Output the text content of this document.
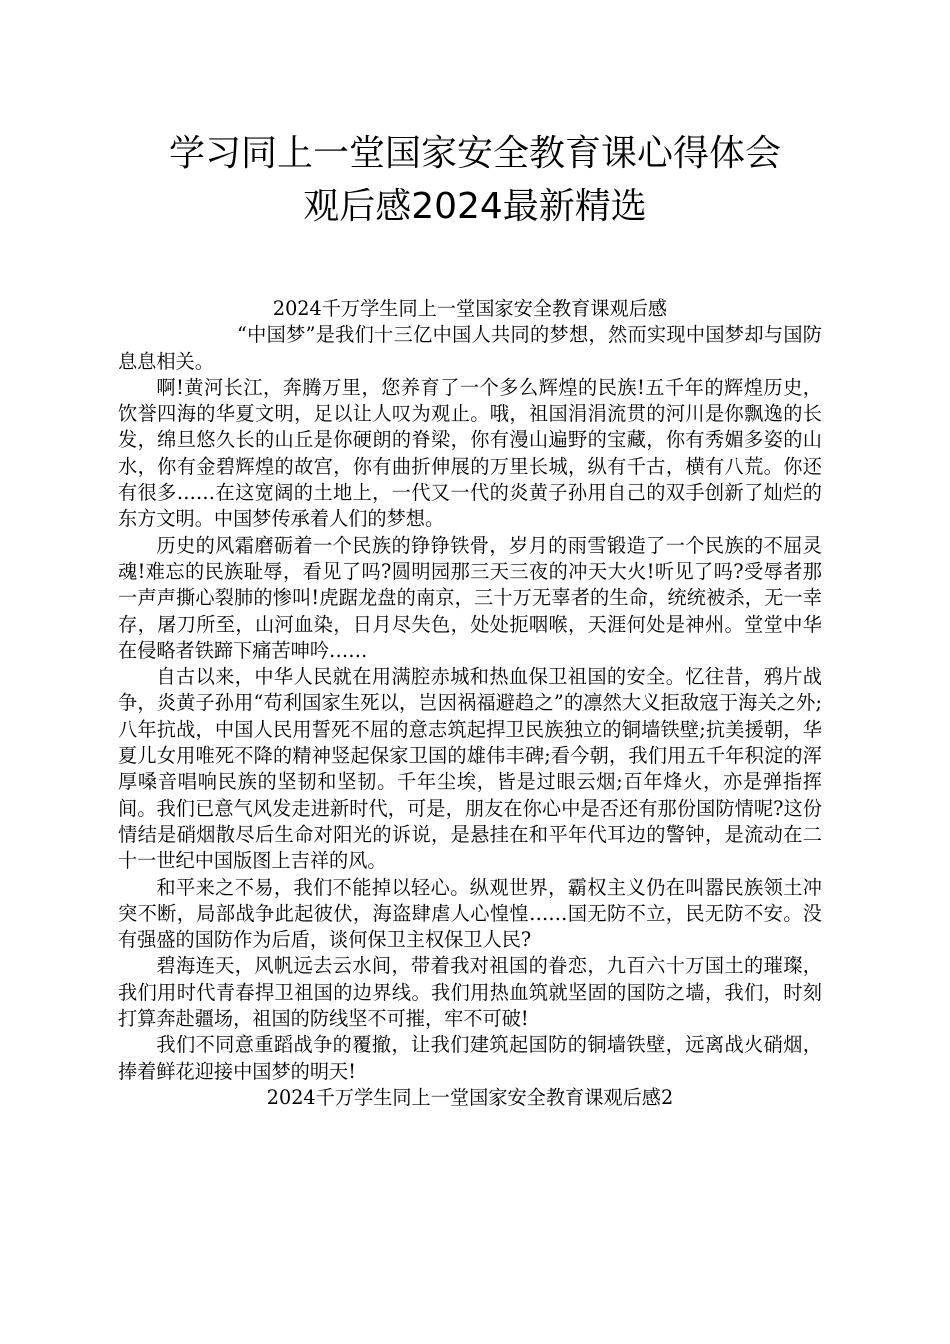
学习同上一堂国家安全教育课心得体会
观后感2024最新精选

2024千万学生同上一堂国家安全教育课观后感

“中国梦”是我们十三亿中国人共同的梦想，然而实现中国梦却与国防息息相关。

啊!黄河长江，奔腾万里，您养育了一个多么辉煌的民族!五千年的辉煌历史，饮誉四海的华夏文明，足以让人叹为观止。哦，祖国涓涓流贯的河川是你飘逸的长发，绵旦悠久长的山丘是你硬朗的脊梁，你有漫山遍野的宝藏，你有秀媚多姿的山水，你有金碧辉煌的故宫，你有曲折伸展的万里长城，纵有千古，横有八荒。你还有很多……在这宽阔的土地上，一代又一代的炎黄子孙用自己的双手创新了灿烂的东方文明。中国梦传承着人们的梦想。

历史的风霜磨砺着一个民族的铮铮铁骨，岁月的雨雪锻造了一个民族的不屈灵魂!难忘的民族耻辱，看见了吗?圆明园那三天三夜的冲天大火!听见了吗?受辱者那一声声撕心裂肺的惨叫!虎踞龙盘的南京，三十万无辜者的生命，统统被杀，无一幸存，屠刀所至，山河血染，日月尽失色，处处扼咽喉，天涯何处是神州。堂堂中华在侵略者铁蹄下痛苦呻吟……

自古以来，中华人民就在用满腔赤城和热血保卫祖国的安全。忆往昔，鸦片战争，炎黄子孙用“苟利国家生死以，岂因祸福避趋之”的凛然大义拒敌寇于海关之外;八年抗战，中国人民用誓死不屈的意志筑起捍卫民族独立的铜墙铁壁;抗美援朝，华夏儿女用唯死不降的精神竖起保家卫国的雄伟丰碑;看今朝，我们用五千年积淀的浑厚嗓音唱响民族的坚韧和坚韧。千年尘埃，皆是过眼云烟;百年烽火，亦是弹指挥间。我们已意气风发走进新时代，可是，朋友在你心中是否还有那份国防情呢?这份情结是硝烟散尽后生命对阳光的诉说，是悬挂在和平年代耳边的警钟，是流动在二十一世纪中国版图上吉祥的风。

和平来之不易，我们不能掉以轻心。纵观世界，霸权主义仍在叫嚣民族领土冲突不断，局部战争此起彼伏，海盗肆虐人心惶惶……国无防不立，民无防不安。没有强盛的国防作为后盾，谈何保卫主权保卫人民?

碧海连天，风帆远去云水间，带着我对祖国的眷恋，九百六十万国土的璀璨，我们用时代青春捍卫祖国的边界线。我们用热血筑就坚固的国防之墙，我们，时刻打算奔赴疆场，祖国的防线坚不可摧，牢不可破!

我们不同意重蹈战争的覆撤，让我们建筑起国防的铜墙铁壁，远离战火硝烟，捧着鲜花迎接中国梦的明天!

2024千万学生同上一堂国家安全教育课观后感2
